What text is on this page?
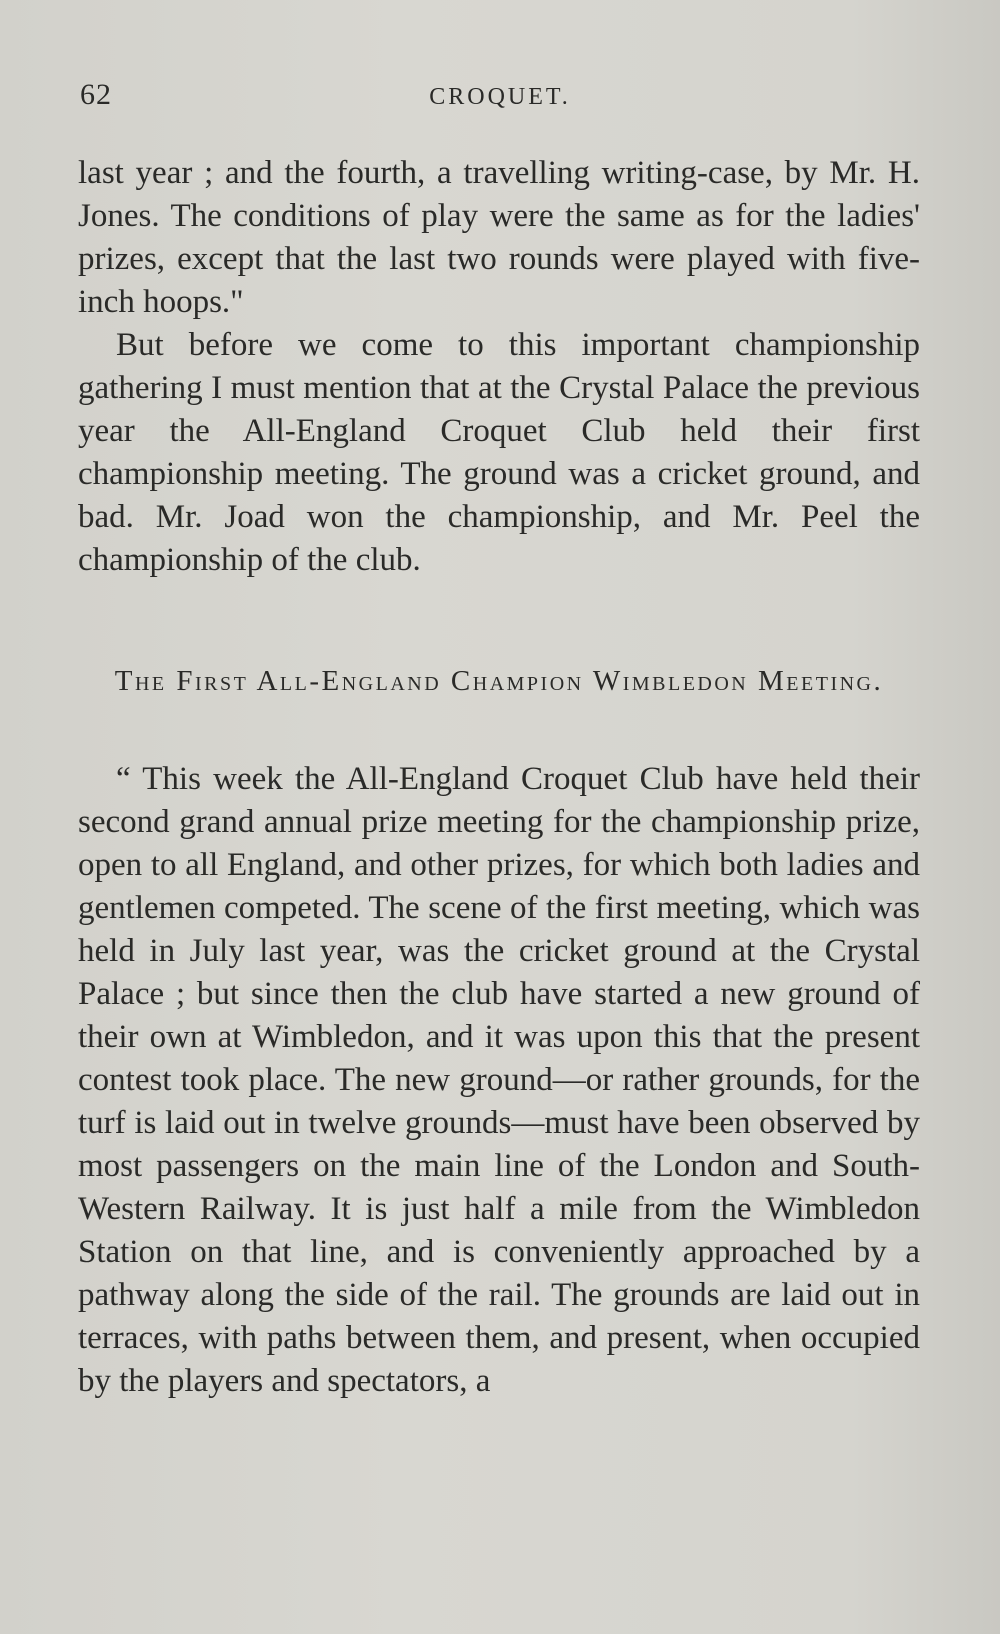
62	CROQUET.

last year ; and the fourth, a travelling writing-case, by Mr. H. Jones. The conditions of play were the same as for the ladies' prizes, except that the last two rounds were played with five-inch hoops."

But before we come to this important championship gathering I must mention that at the Crystal Palace the previous year the All-England Croquet Club held their first championship meeting. The ground was a cricket ground, and bad. Mr. Joad won the championship, and Mr. Peel the championship of the club.

The First All-England Champion Wimbledon Meeting.

“ This week the All-England Croquet Club have held their second grand annual prize meeting for the championship prize, open to all England, and other prizes, for which both ladies and gentlemen competed. The scene of the first meeting, which was held in July last year, was the cricket ground at the Crystal Palace ; but since then the club have started a new ground of their own at Wimbledon, and it was upon this that the present contest took place. The new ground—or rather grounds, for the turf is laid out in twelve grounds—must have been observed by most passengers on the main line of the London and South-Western Railway. It is just half a mile from the Wimbledon Station on that line, and is conveniently approached by a pathway along the side of the rail. The grounds are laid out in terraces, with paths between them, and present, when occupied by the players and spectators, a
